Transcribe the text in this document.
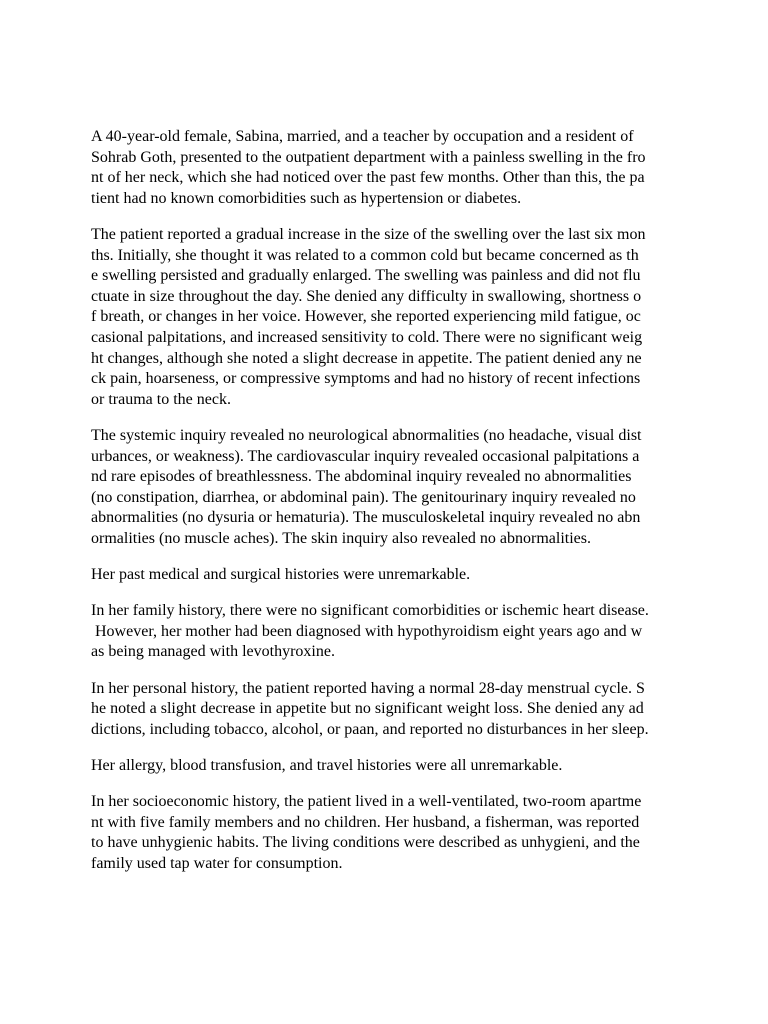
A 40-year-old female, Sabina, married, and a teacher by occupation and a resident of
Sohrab Goth, presented to the outpatient department with a painless swelling in the fro
nt of her neck, which she had noticed over the past few months. Other than this, the pa
tient had no known comorbidities such as hypertension or diabetes.

The patient reported a gradual increase in the size of the swelling over the last six mon
ths. Initially, she thought it was related to a common cold but became concerned as th
e swelling persisted and gradually enlarged. The swelling was painless and did not flu
ctuate in size throughout the day. She denied any difficulty in swallowing, shortness o
f breath, or changes in her voice. However, she reported experiencing mild fatigue, oc
casional palpitations, and increased sensitivity to cold. There were no significant weig
ht changes, although she noted a slight decrease in appetite. The patient denied any ne
ck pain, hoarseness, or compressive symptoms and had no history of recent infections
or trauma to the neck.

The systemic inquiry revealed no neurological abnormalities (no headache, visual dist
urbances, or weakness). The cardiovascular inquiry revealed occasional palpitations a
nd rare episodes of breathlessness. The abdominal inquiry revealed no abnormalities
(no constipation, diarrhea, or abdominal pain). The genitourinary inquiry revealed no
abnormalities (no dysuria or hematuria). The musculoskeletal inquiry revealed no abn
ormalities (no muscle aches). The skin inquiry also revealed no abnormalities.

Her past medical and surgical histories were unremarkable.

In her family history, there were no significant comorbidities or ischemic heart disease.
However, her mother had been diagnosed with hypothyroidism eight years ago and w
as being managed with levothyroxine.

In her personal history, the patient reported having a normal 28-day menstrual cycle. S
he noted a slight decrease in appetite but no significant weight loss. She denied any ad
dictions, including tobacco, alcohol, or paan, and reported no disturbances in her sleep.

Her allergy, blood transfusion, and travel histories were all unremarkable.

In her socioeconomic history, the patient lived in a well-ventilated, two-room apartme
nt with five family members and no children. Her husband, a fisherman, was reported
to have unhygienic habits. The living conditions were described as unhygieni, and the
family used tap water for consumption.
